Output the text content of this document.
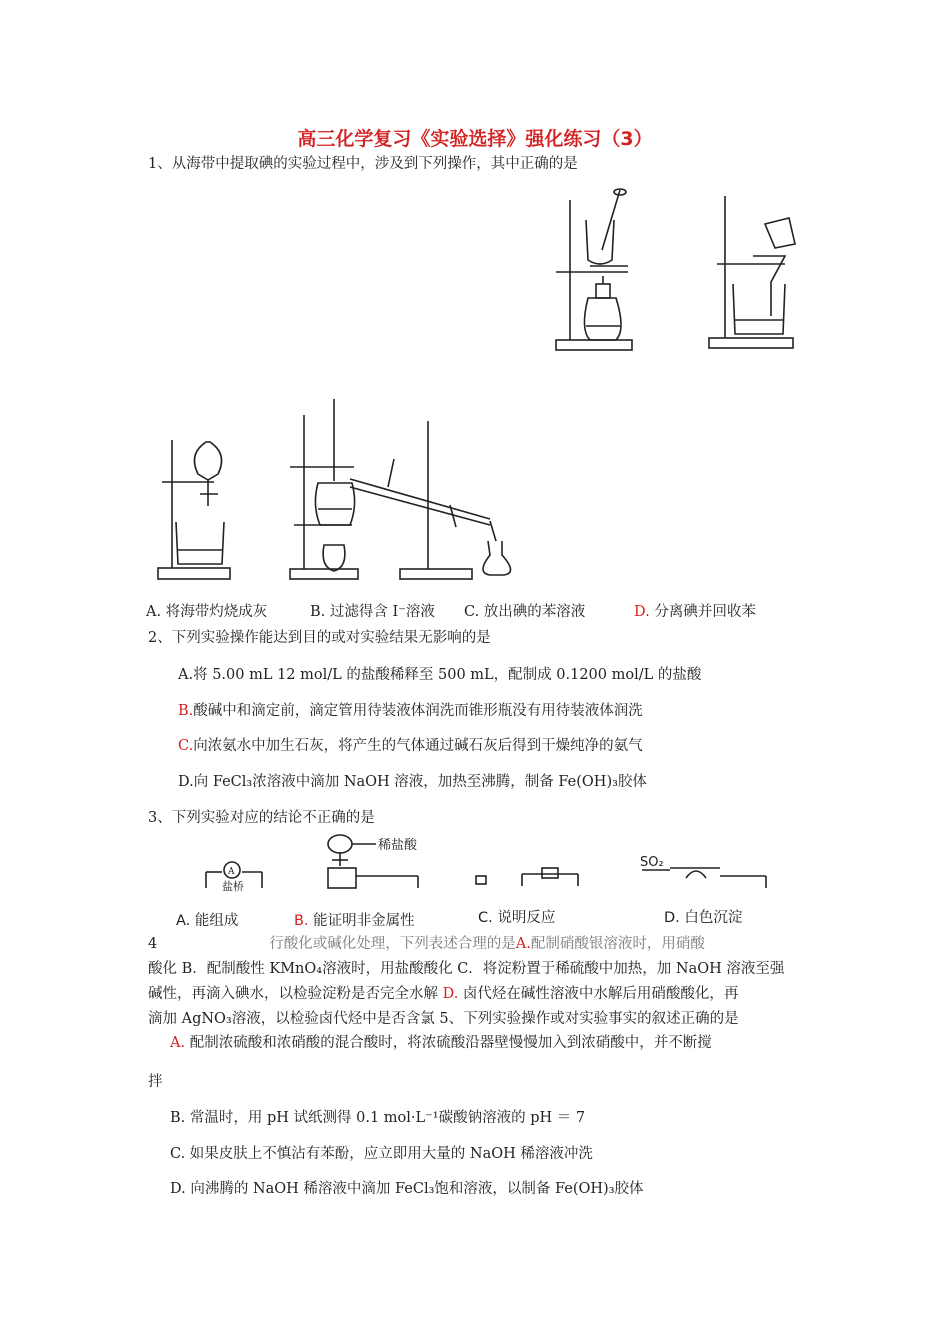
高三化学复习《实验选择》强化练习（3）
1、从海带中提取碘的实验过程中，涉及到下列操作，其中正确的是
A. 将海带灼烧成灰	B. 过滤得含 I⁻溶液 C. 放出碘的苯溶液	D. 分离碘并回收苯
2、下列实验操作能达到目的或对实验结果无影响的是
A.将 5.00 mL 12 mol/L 的盐酸稀释至 500 mL，配制成 0.1200 mol/L 的盐酸
B.酸碱中和滴定前，滴定管用待装液体润洗而锥形瓶没有用待装液体润洗
C.向浓氨水中加生石灰，将产生的气体通过碱石灰后得到干燥纯净的氨气
D.向 FeCl₃浓溶液中滴加 NaOH 溶液，加热至沸腾，制备 Fe(OH)₃胶体
3、下列实验对应的结论不正确的是
A
盐桥
稀盐酸
SO₂
A. 能组成	B. 能证明非金属性	C. 说明反应	D. 白色沉淀
4	行酸化或碱化处理，下列表述合理的是A.配制硝酸银溶液时，用硝酸
酸化 B．配制酸性 KMnO₄溶液时，用盐酸酸化 C．将淀粉置于稀硫酸中加热，加 NaOH 溶液至强
碱性，再滴入碘水，以检验淀粉是否完全水解 D. 卤代烃在碱性溶液中水解后用硝酸酸化，再
滴加 AgNO₃溶液，以检验卤代烃中是否含氯 5、下列实验操作或对实验事实的叙述正确的是
A. 配制浓硫酸和浓硝酸的混合酸时，将浓硫酸沿器壁慢慢加入到浓硝酸中，并不断搅
拌
B. 常温时，用 pH 试纸测得 0.1 mol·L⁻¹碳酸钠溶液的 pH ＝ 7
C. 如果皮肤上不慎沾有苯酚，应立即用大量的 NaOH 稀溶液冲洗
D. 向沸腾的 NaOH 稀溶液中滴加 FeCl₃饱和溶液，以制备 Fe(OH)₃胶体
